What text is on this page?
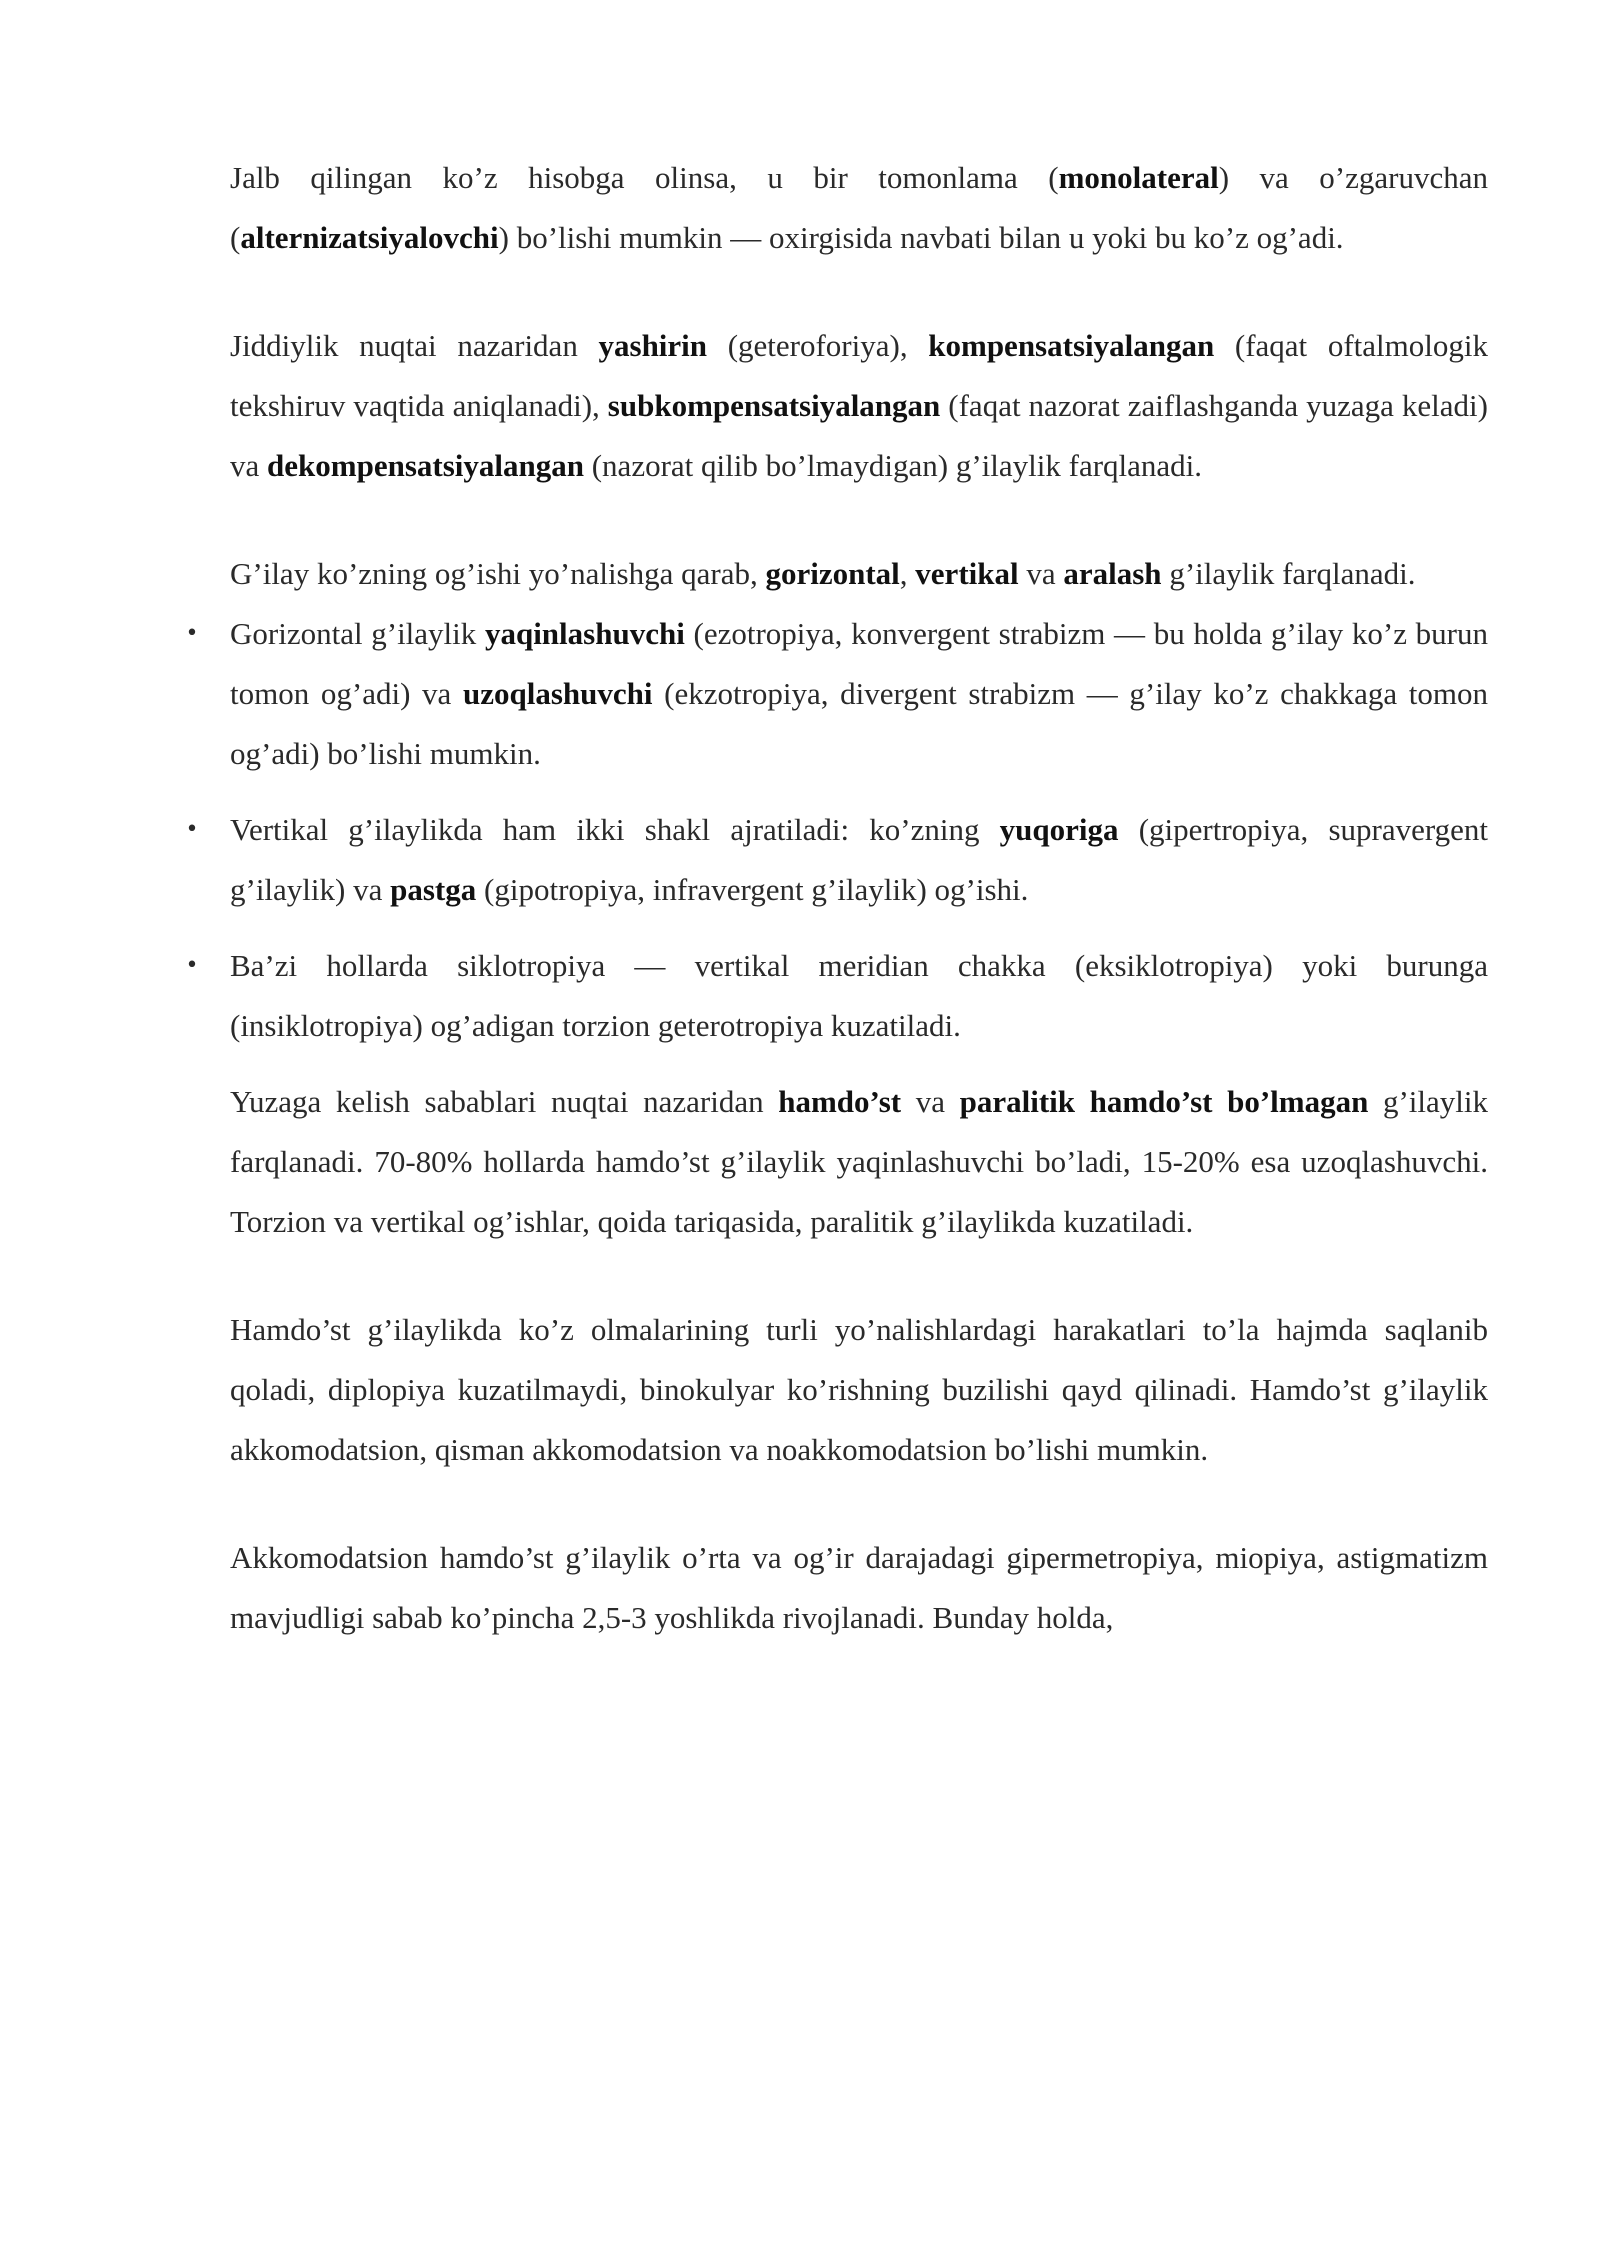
Jalb qilingan ko’z hisobga olinsa, u bir tomonlama (monolateral) va o’zgaruvchan (alternizatsiyalovchi) bo’lishi mumkin — oxirgisida navbati bilan u yoki bu ko’z og’adi.

Jiddiylik nuqtai nazaridan yashirin (geteroforiya), kompensatsiyalangan (faqat oftalmologik tekshiruv vaqtida aniqlanadi), subkompensatsiyalangan (faqat nazorat zaiflashganda yuzaga keladi) va dekompensatsiyalangan (nazorat qilib bo’lmaydigan) g’ilaylik farqlanadi.

G’ilay ko’zning og’ishi yo’nalishga qarab, gorizontal, vertikal va aralash g’ilaylik farqlanadi.

•
Gorizontal g’ilaylik yaqinlashuvchi (ezotropiya, konvergent strabizm — bu holda g’ilay ko’z burun tomon og’adi) va uzoqlashuvchi (ekzotropiya, divergent strabizm — g’ilay ko’z chakkaga tomon og’adi) bo’lishi mumkin.
•
Vertikal g’ilaylikda ham ikki shakl ajratiladi: ko’zning yuqoriga (gipertropiya, supravergent g’ilaylik) va pastga (gipotropiya, infravergent g’ilaylik) og’ishi.
•
Ba’zi hollarda siklotropiya — vertikal meridian chakka (eksiklotropiya) yoki burunga (insiklotropiya) og’adigan torzion geterotropiya kuzatiladi.

Yuzaga kelish sabablari nuqtai nazaridan hamdo’st va paralitik hamdo’st bo’lmagan g’ilaylik farqlanadi. 70-80% hollarda hamdo’st g’ilaylik yaqinlashuvchi bo’ladi, 15-20% esa uzoqlashuvchi. Torzion va vertikal og’ishlar, qoida tariqasida, paralitik g’ilaylikda kuzatiladi.

Hamdo’st g’ilaylikda ko’z olmalarining turli yo’nalishlardagi harakatlari to’la hajmda saqlanib qoladi, diplopiya kuzatilmaydi, binokulyar ko’rishning buzilishi qayd qilinadi. Hamdo’st g’ilaylik akkomodatsion, qisman akkomodatsion va noakkomodatsion bo’lishi mumkin.

Akkomodatsion hamdo’st g’ilaylik o’rta va og’ir darajadagi gipermetropiya, miopiya, astigmatizm mavjudligi sabab ko’pincha 2,5-3 yoshlikda rivojlanadi. Bunday holda,
